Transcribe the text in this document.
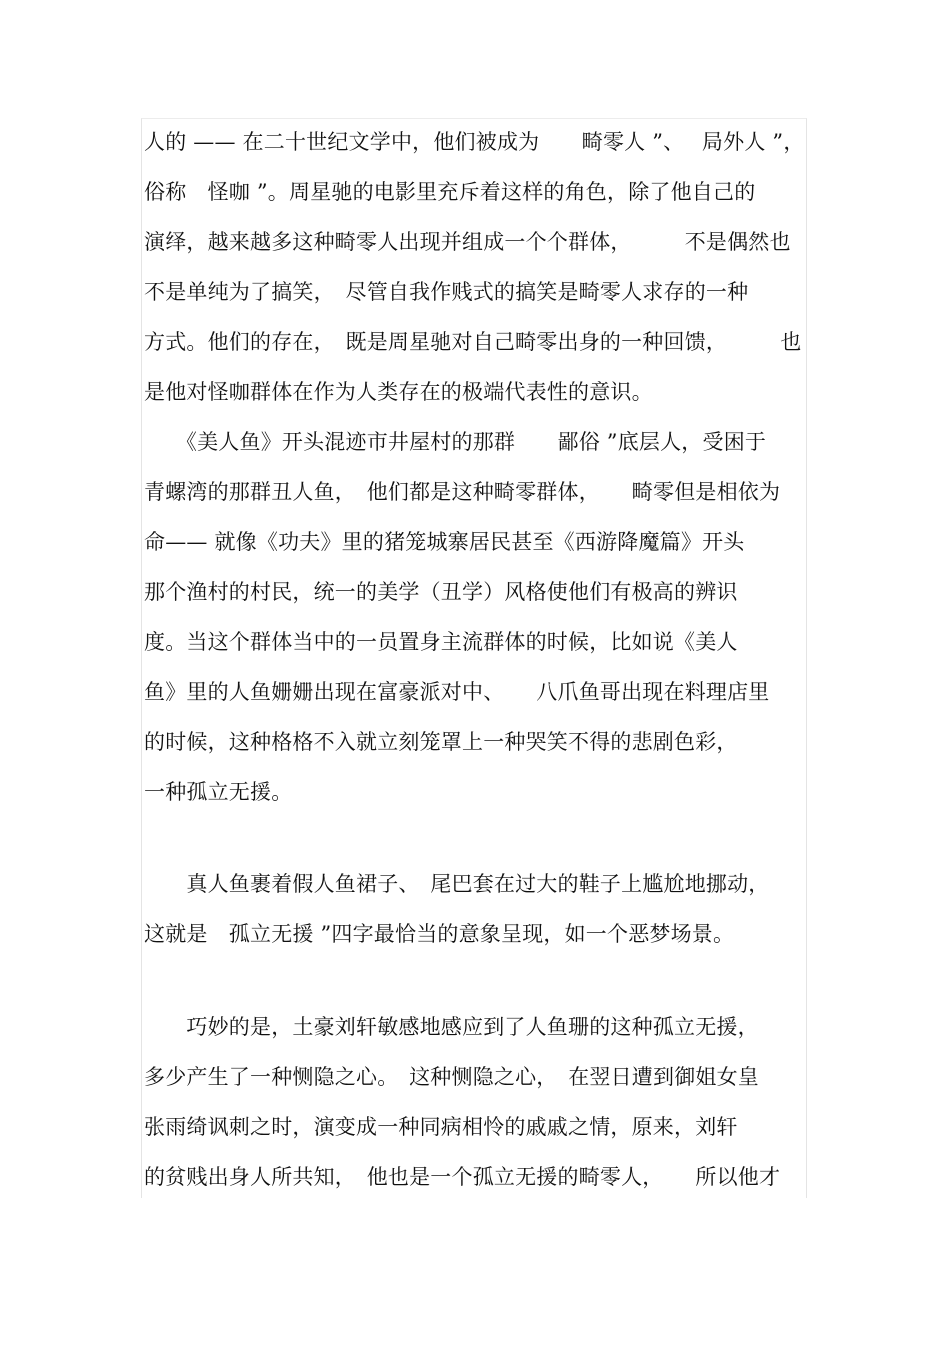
人的 —— 在二十世纪文学中，他们被成为　　畸零人 ”、　 局外人 ”，
俗称　怪咖 ”。周星驰的电影里充斥着这样的角色，除了他自己的
演绎，越来越多这种畸零人出现并组成一个个群体，　　　不是偶然也
不是单纯为了搞笑，　尽管自我作贱式的搞笑是畸零人求存的一种
方式。他们的存在，　既是周星驰对自己畸零出身的一种回馈，　　　也
是他对怪咖群体在作为人类存在的极端代表性的意识。
　　《美人鱼》开头混迹市井屋村的那群　　鄙俗 ”底层人，受困于
青螺湾的那群丑人鱼，　他们都是这种畸零群体，　　畸零但是相依为
命—— 就像《功夫》里的猪笼城寨居民甚至《西游降魔篇》开头
那个渔村的村民，统一的美学（丑学）风格使他们有极高的辨识
度。当这个群体当中的一员置身主流群体的时候，比如说《美人
鱼》里的人鱼姗姗出现在富豪派对中、　　八爪鱼哥出现在料理店里
的时候，这种格格不入就立刻笼罩上一种哭笑不得的悲剧色彩，
一种孤立无援。
　　真人鱼裹着假人鱼裙子、　尾巴套在过大的鞋子上尴尬地挪动，
这就是　孤立无援 ”四字最恰当的意象呈现，如一个恶梦场景。
　　巧妙的是，土豪刘轩敏感地感应到了人鱼珊的这种孤立无援，
多少产生了一种恻隐之心。　这种恻隐之心，　在翌日遭到御姐女皇
张雨绮讽刺之时，演变成一种同病相怜的戚戚之情，原来，刘轩
的贫贱出身人所共知，　他也是一个孤立无援的畸零人，　　所以他才
